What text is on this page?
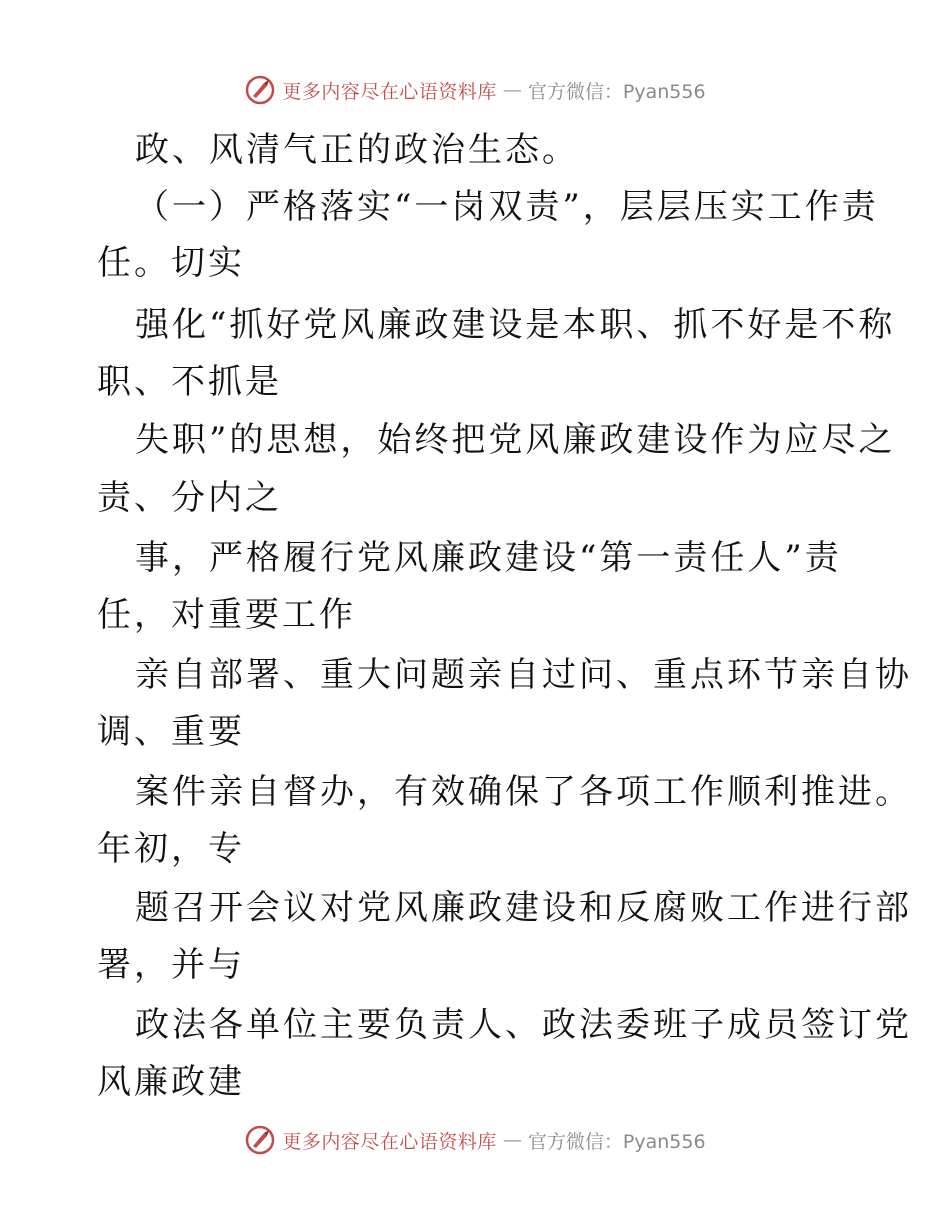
更多内容尽在心语资料库 — 官方微信：Pyan556
政、风清气正的政治生态。
（一）严格落实“一岗双责”，层层压实工作责
任。切实
强化“抓好党风廉政建设是本职、抓不好是不称
职、不抓是
失职”的思想，始终把党风廉政建设作为应尽之
责、分内之
事，严格履行党风廉政建设“第一责任人”责
任，对重要工作
亲自部署、重大问题亲自过问、重点环节亲自协
调、重要
案件亲自督办，有效确保了各项工作顺利推进。
年初，专
题召开会议对党风廉政建设和反腐败工作进行部
署，并与
政法各单位主要负责人、政法委班子成员签订党
风廉政建
更多内容尽在心语资料库 — 官方微信：Pyan556
